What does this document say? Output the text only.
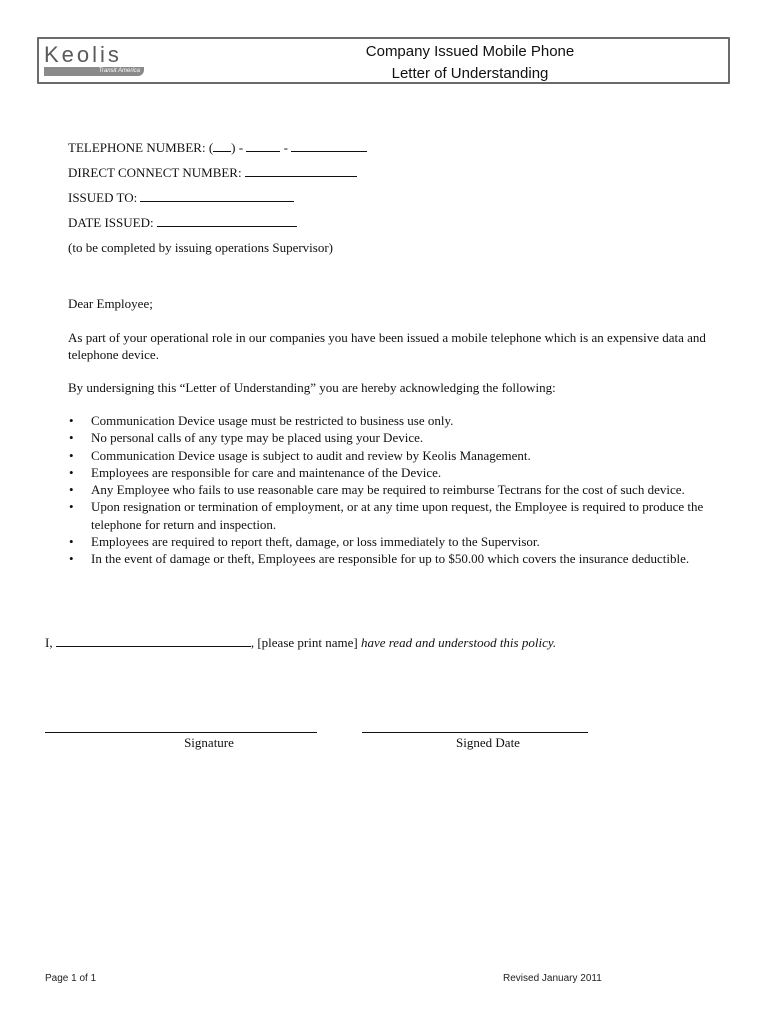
Keolis
Transit America
Company Issued Mobile Phone
Letter of Understanding
TELEPHONE NUMBER: ( ) -	-
DIRECT CONNECT NUMBER:
ISSUED TO:
DATE ISSUED:
(to be completed by issuing operations Supervisor)
Dear Employee;
As part of your operational role in our companies you have been issued a mobile telephone which is an expensive data and telephone device.
By undersigning this “Letter of Understanding” you are hereby acknowledging the following:
• Communication Device usage must be restricted to business use only.
• No personal calls of any type may be placed using your Device.
• Communication Device usage is subject to audit and review by Keolis Management.
• Employees are responsible for care and maintenance of the Device.
• Any Employee who fails to use reasonable care may be required to reimburse Tectrans for the cost of such device.
• Upon resignation or termination of employment, or at any time upon request, the Employee is required to produce the telephone for return and inspection.
• Employees are required to report theft, damage, or loss immediately to the Supervisor.
• In the event of damage or theft, Employees are responsible for up to $50.00 which covers the insurance deductible.
I,	, [please print name] have read and understood this policy.
Signature	Signed Date
Page 1 of 1	Revised January 2011
